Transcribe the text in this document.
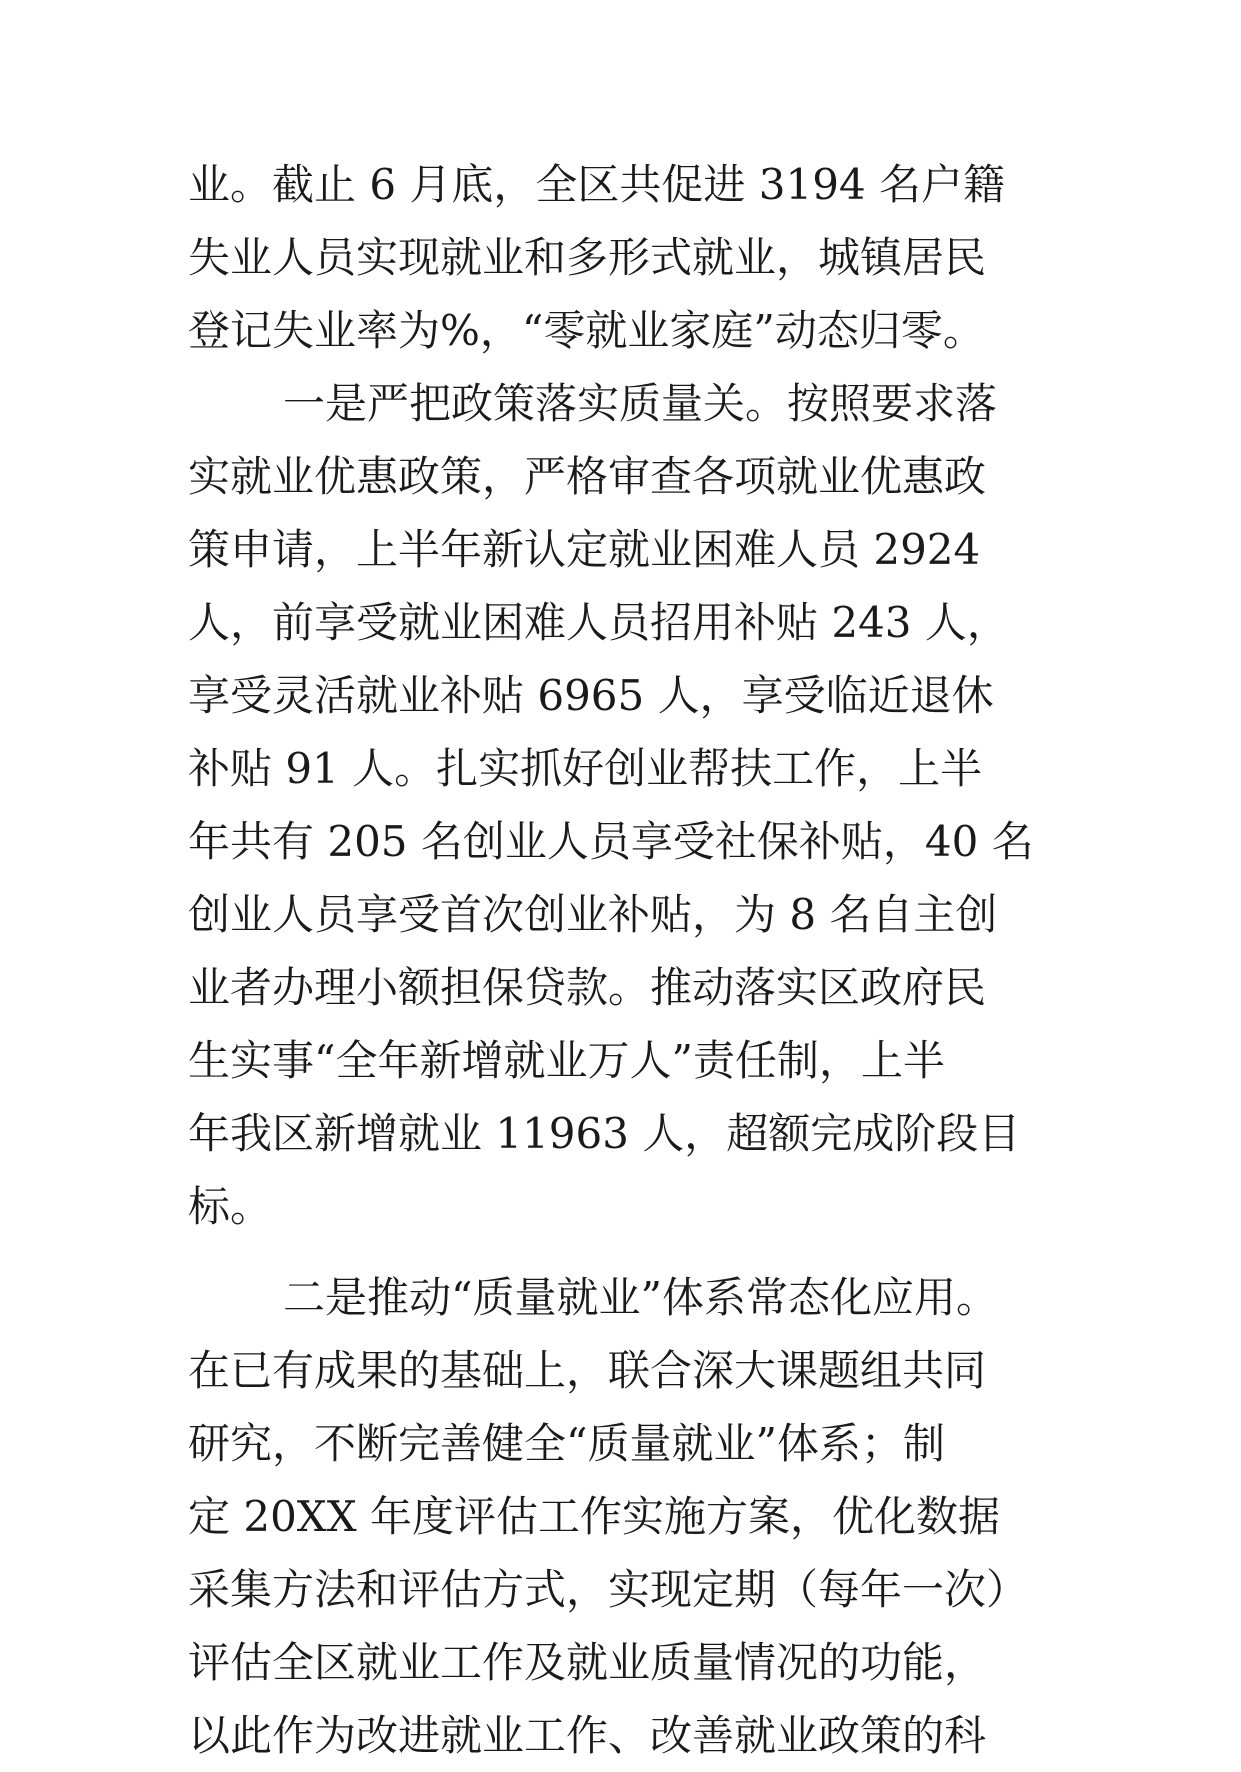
业。截止 6 月底，全区共促进 3194 名户籍
失业人员实现就业和多形式就业，城镇居民
登记失业率为%，“零就业家庭”动态归零。
一是严把政策落实质量关。按照要求落
实就业优惠政策，严格审查各项就业优惠政
策申请，上半年新认定就业困难人员 2924
人，前享受就业困难人员招用补贴 243 人，
享受灵活就业补贴 6965 人，享受临近退休
补贴 91 人。扎实抓好创业帮扶工作，上半
年共有 205 名创业人员享受社保补贴，40 名
创业人员享受首次创业补贴，为 8 名自主创
业者办理小额担保贷款。推动落实区政府民
生实事“全年新增就业万人”责任制，上半
年我区新增就业 11963 人，超额完成阶段目
标。
二是推动“质量就业”体系常态化应用。
在已有成果的基础上，联合深大课题组共同
研究，不断完善健全“质量就业”体系；制
定 20XX 年度评估工作实施方案，优化数据
采集方法和评估方式，实现定期（每年一次）
评估全区就业工作及就业质量情况的功能，
以此作为改进就业工作、改善就业政策的科
